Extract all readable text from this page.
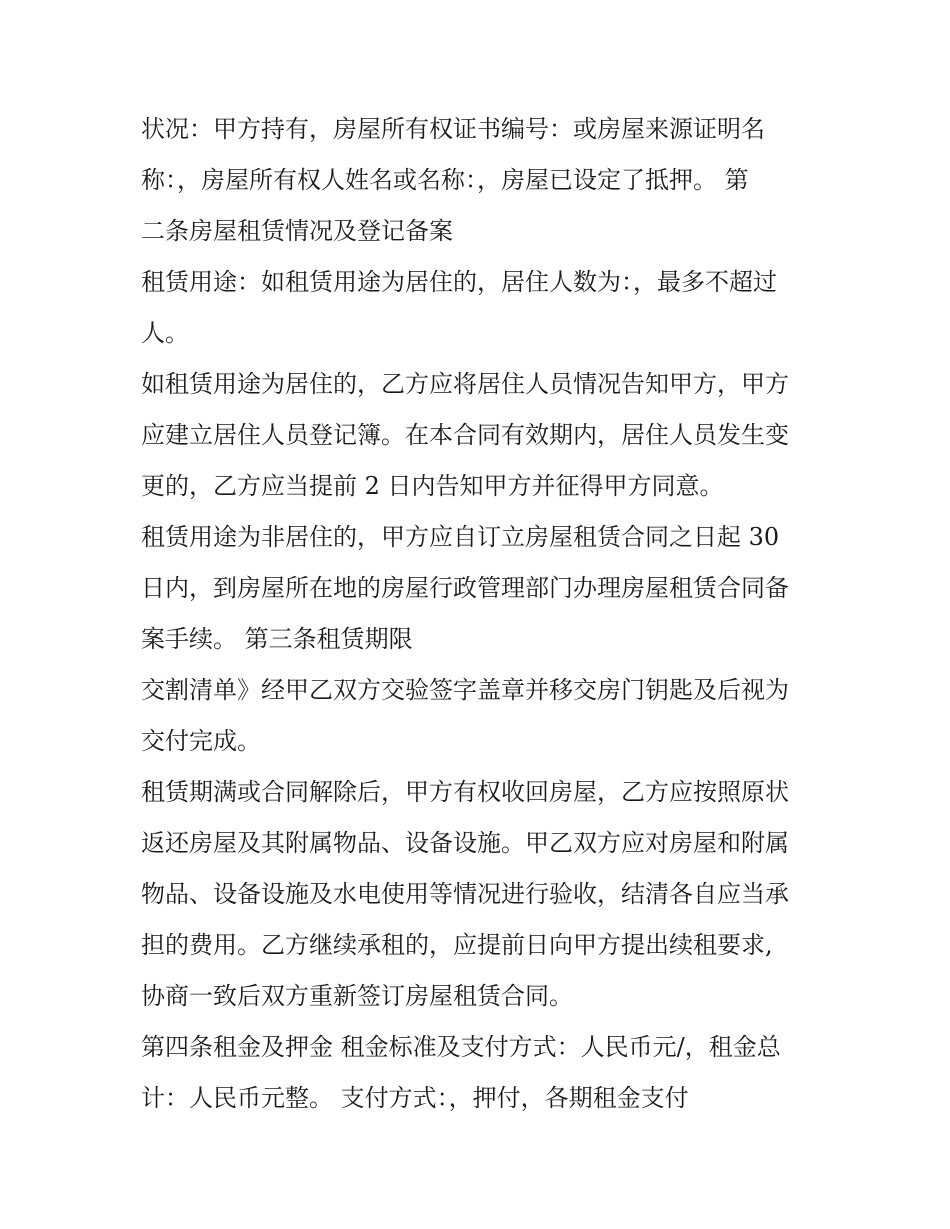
状况：甲方持有，房屋所有权证书编号：或房屋来源证明名
称：，房屋所有权人姓名或名称：，房屋已设定了抵押。 第
二条房屋租赁情况及登记备案
租赁用途：如租赁用途为居住的，居住人数为：，最多不超过
人。
如租赁用途为居住的，乙方应将居住人员情况告知甲方，甲方
应建立居住人员登记簿。在本合同有效期内，居住人员发生变
更的，乙方应当提前 2 日内告知甲方并征得甲方同意。
租赁用途为非居住的，甲方应自订立房屋租赁合同之日起 30
日内，到房屋所在地的房屋行政管理部门办理房屋租赁合同备
案手续。 第三条租赁期限
交割清单》经甲乙双方交验签字盖章并移交房门钥匙及后视为
交付完成。
租赁期满或合同解除后，甲方有权收回房屋，乙方应按照原状
返还房屋及其附属物品、设备设施。甲乙双方应对房屋和附属
物品、设备设施及水电使用等情况进行验收，结清各自应当承
担的费用。乙方继续承租的，应提前日向甲方提出续租要求,
协商一致后双方重新签订房屋租赁合同。
第四条租金及押金 租金标准及支付方式：人民币元/，租金总
计：人民币元整。 支付方式：，押付，各期租金支付
